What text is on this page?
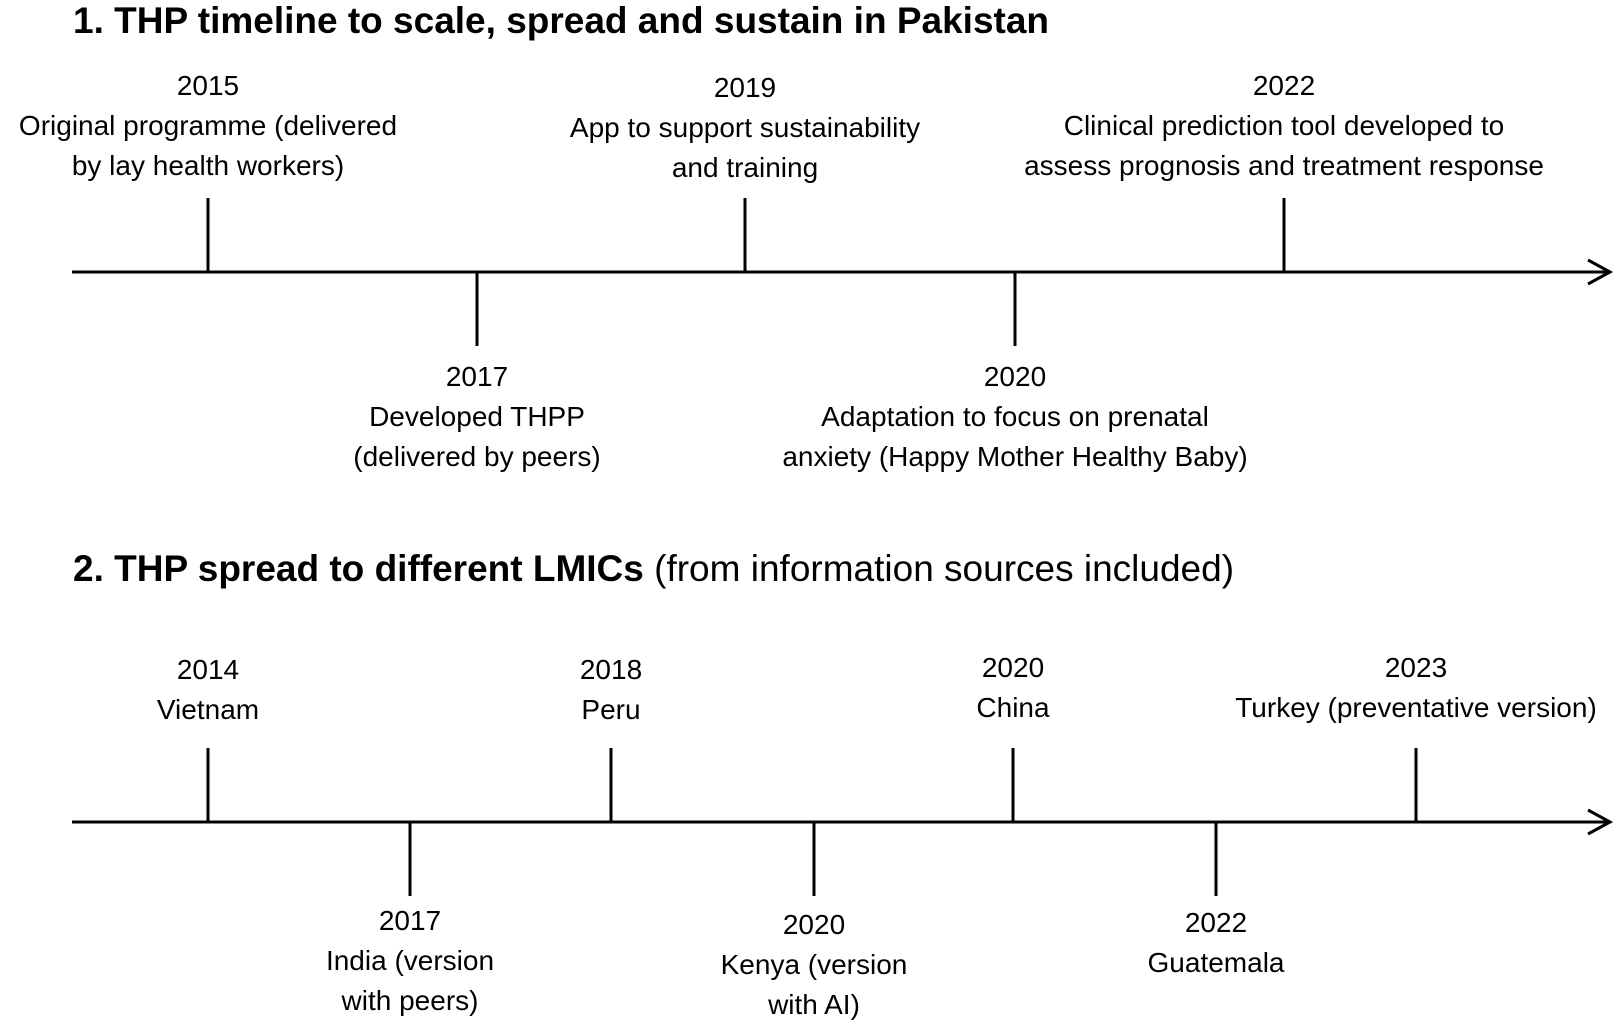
1. THP timeline to scale, spread and sustain in Pakistan
2. THP spread to different LMICs (from information sources included)
2015
Original programme (delivered
by lay health workers)
2017
Developed THPP
(delivered by peers)
2019
App to support sustainability
and training
2020
Adaptation to focus on prenatal
anxiety (Happy Mother Healthy Baby)
2022
Clinical prediction tool developed to
assess prognosis and treatment response
2014
Vietnam
2017
India (version
with peers)
2018
Peru
2020
Kenya (version
with AI)
2020
China
2022
Guatemala
2023
Turkey (preventative version)
